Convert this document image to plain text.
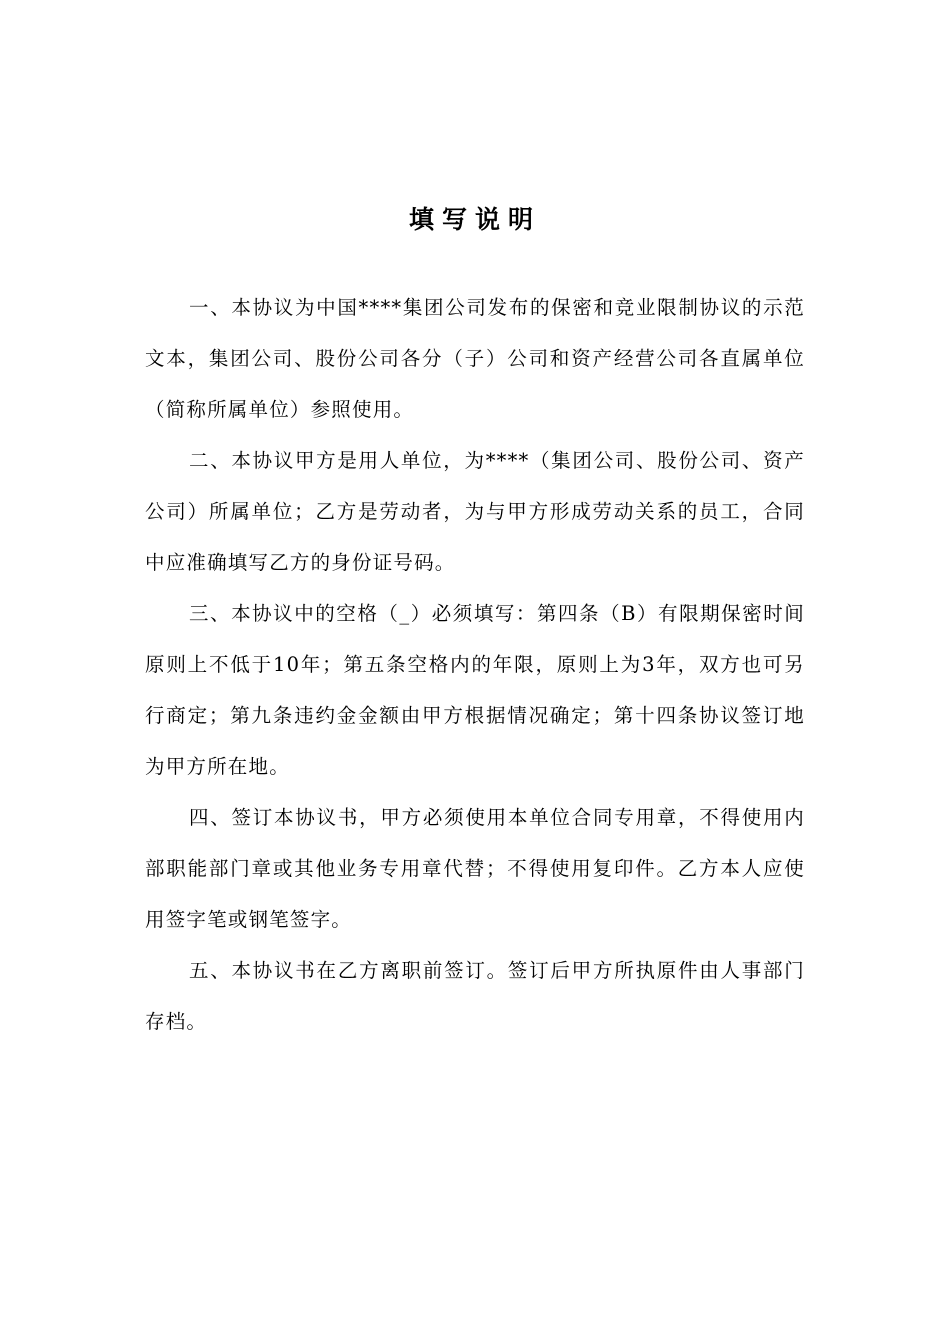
填写说明

一、本协议为中国****集团公司发布的保密和竞业限制协议的示范文本，集团公司、股份公司各分（子）公司和资产经营公司各直属单位（简称所属单位）参照使用。

二、本协议甲方是用人单位，为****（集团公司、股份公司、资产公司）所属单位；乙方是劳动者，为与甲方形成劳动关系的员工，合同中应准确填写乙方的身份证号码。

三、本协议中的空格（_）必须填写：第四条（B）有限期保密时间原则上不低于10年；第五条空格内的年限，原则上为3年，双方也可另行商定；第九条违约金金额由甲方根据情况确定；第十四条协议签订地为甲方所在地。

四、签订本协议书，甲方必须使用本单位合同专用章，不得使用内部职能部门章或其他业务专用章代替；不得使用复印件。乙方本人应使用签字笔或钢笔签字。

五、本协议书在乙方离职前签订。签订后甲方所执原件由人事部门存档。
